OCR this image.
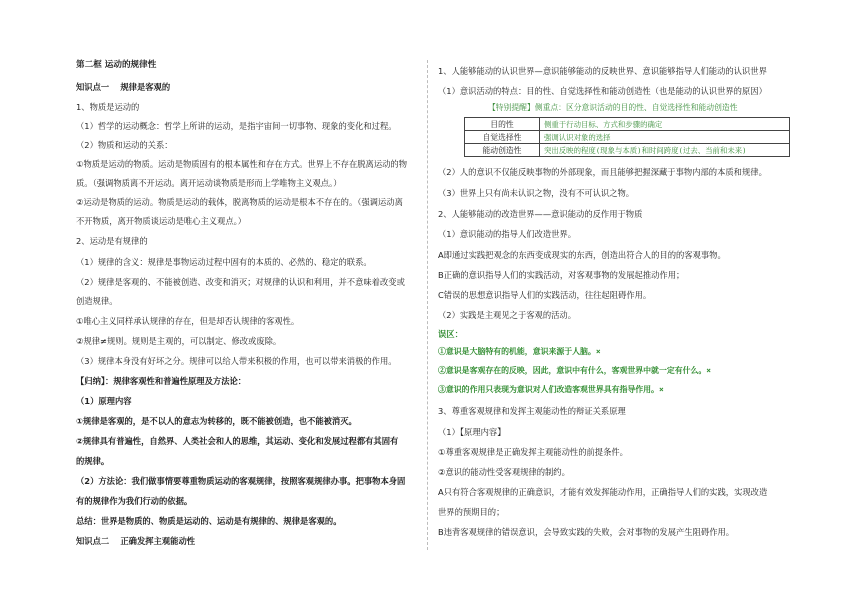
第二框 运动的规律性
知识点一　 规律是客观的
1、物质是运动的
（1）哲学的运动概念：哲学上所讲的运动，是指宇宙间一切事物、现象的变化和过程。
（2）物质和运动的关系：
①物质是运动的物质。运动是物质固有的根本属性和存在方式。世界上不存在脱离运动的物
质。（强调物质离不开运动。离开运动谈物质是形而上学唯物主义观点。）
②运动是物质的运动。物质是运动的载体，脱离物质的运动是根本不存在的。（强调运动离
不开物质，离开物质谈运动是唯心主义观点。）
2、运动是有规律的
（1）规律的含义：规律是事物运动过程中固有的本质的、必然的、稳定的联系。
（2）规律是客观的、不能被创造、改变和消灭；对规律的认识和利用，并不意味着改变或
创造规律。
①唯心主义同样承认规律的存在，但是却否认规律的客观性。
②规律≠规则。规则是主观的，可以制定、修改或废除。
（3）规律本身没有好坏之分。规律可以给人带来积极的作用，也可以带来消极的作用。
【归纳】：规律客观性和普遍性原理及方法论：
（1）原理内容
①规律是客观的，是不以人的意志为转移的，既不能被创造，也不能被消灭。
②规律具有普遍性，自然界、人类社会和人的思维，其运动、变化和发展过程都有其固有
的规律。
（2）方法论：我们做事情要尊重物质运动的客观规律，按照客观规律办事。把事物本身固
有的规律作为我们行动的依据。
总结：世界是物质的、物质是运动的、运动是有规律的、规律是客观的。
知识点二　 正确发挥主观能动性
1、人能够能动的认识世界—意识能够能动的反映世界、意识能够指导人们能动的认识世界
（1）意识活动的特点：目的性、自觉选择性和能动创造性（也是能动的认识世界的原因）
【特别提醒】侧重点：区分意识活动的目的性、自觉选择性和能动创造性
目的性	侧重于行动目标、方式和步骤的确定
自觉选择性	强调认识对象的选择
能动创造性	突出反映的程度(现象与本质)和时间跨度(过去、当前和未来)
（2）人的意识不仅能反映事物的外部现象，而且能够把握深藏于事物内部的本质和规律。
（3）世界上只有尚未认识之物，没有不可认识之物。
2、人能够能动的改造世界——意识能动的反作用于物质
（1）意识能动的指导人们改造世界。
A即通过实践把观念的东西变成现实的东西，创造出符合人的目的的客观事物。
B正确的意识指导人们的实践活动，对客观事物的发展起推动作用；
C错误的思想意识指导人们的实践活动，往往起阻碍作用。
（2）实践是主观见之于客观的活动。
误区：
①意识是大脑特有的机能，意识来源于人脑。×
②意识是客观存在的反映，因此，意识中有什么，客观世界中就一定有什么。×
③意识的作用只表现为意识对人们改造客观世界具有指导作用。×
3、尊重客观规律和发挥主观能动性的辩证关系原理
（1）【原理内容】
①尊重客观规律是正确发挥主观能动性的前提条件。
②意识的能动性受客观规律的制约。
A只有符合客观规律的正确意识，才能有效发挥能动作用，正确指导人们的实践，实现改造
世界的预期目的；
B违背客观规律的错误意识，会导致实践的失败，会对事物的发展产生阻碍作用。
